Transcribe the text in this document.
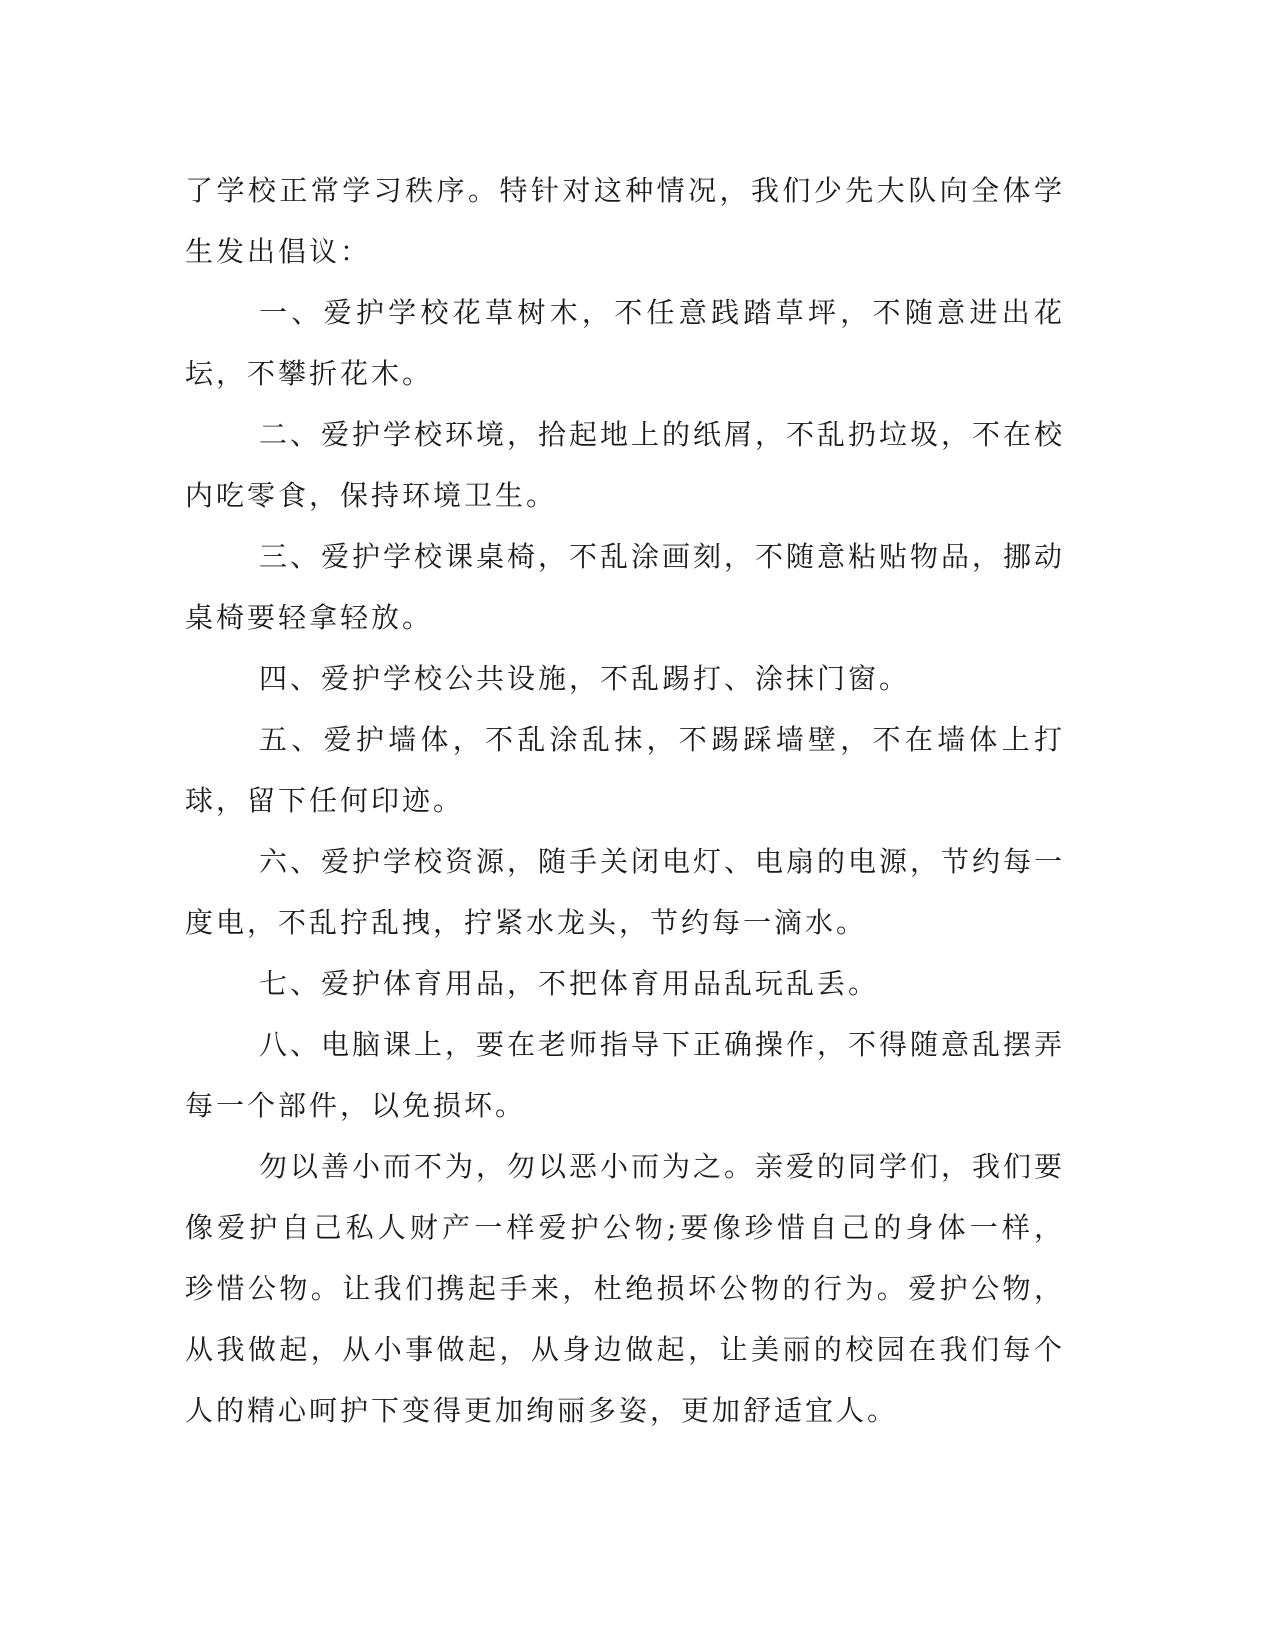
了学校正常学习秩序。特针对这种情况，我们少先大队向全体学生发出倡议：

一、爱护学校花草树木，不任意践踏草坪，不随意进出花坛，不攀折花木。

二、爱护学校环境，拾起地上的纸屑，不乱扔垃圾，不在校内吃零食，保持环境卫生。

三、爱护学校课桌椅，不乱涂画刻，不随意粘贴物品，挪动桌椅要轻拿轻放。

四、爱护学校公共设施，不乱踢打、涂抹门窗。

五、爱护墙体，不乱涂乱抹，不踢踩墙壁，不在墙体上打球，留下任何印迹。

六、爱护学校资源，随手关闭电灯、电扇的电源，节约每一度电，不乱拧乱拽，拧紧水龙头，节约每一滴水。

七、爱护体育用品，不把体育用品乱玩乱丢。

八、电脑课上，要在老师指导下正确操作，不得随意乱摆弄每一个部件，以免损坏。

勿以善小而不为，勿以恶小而为之。亲爱的同学们，我们要像爱护自己私人财产一样爱护公物;要像珍惜自己的身体一样，珍惜公物。让我们携起手来，杜绝损坏公物的行为。爱护公物，从我做起，从小事做起，从身边做起，让美丽的校园在我们每个人的精心呵护下变得更加绚丽多姿，更加舒适宜人。
